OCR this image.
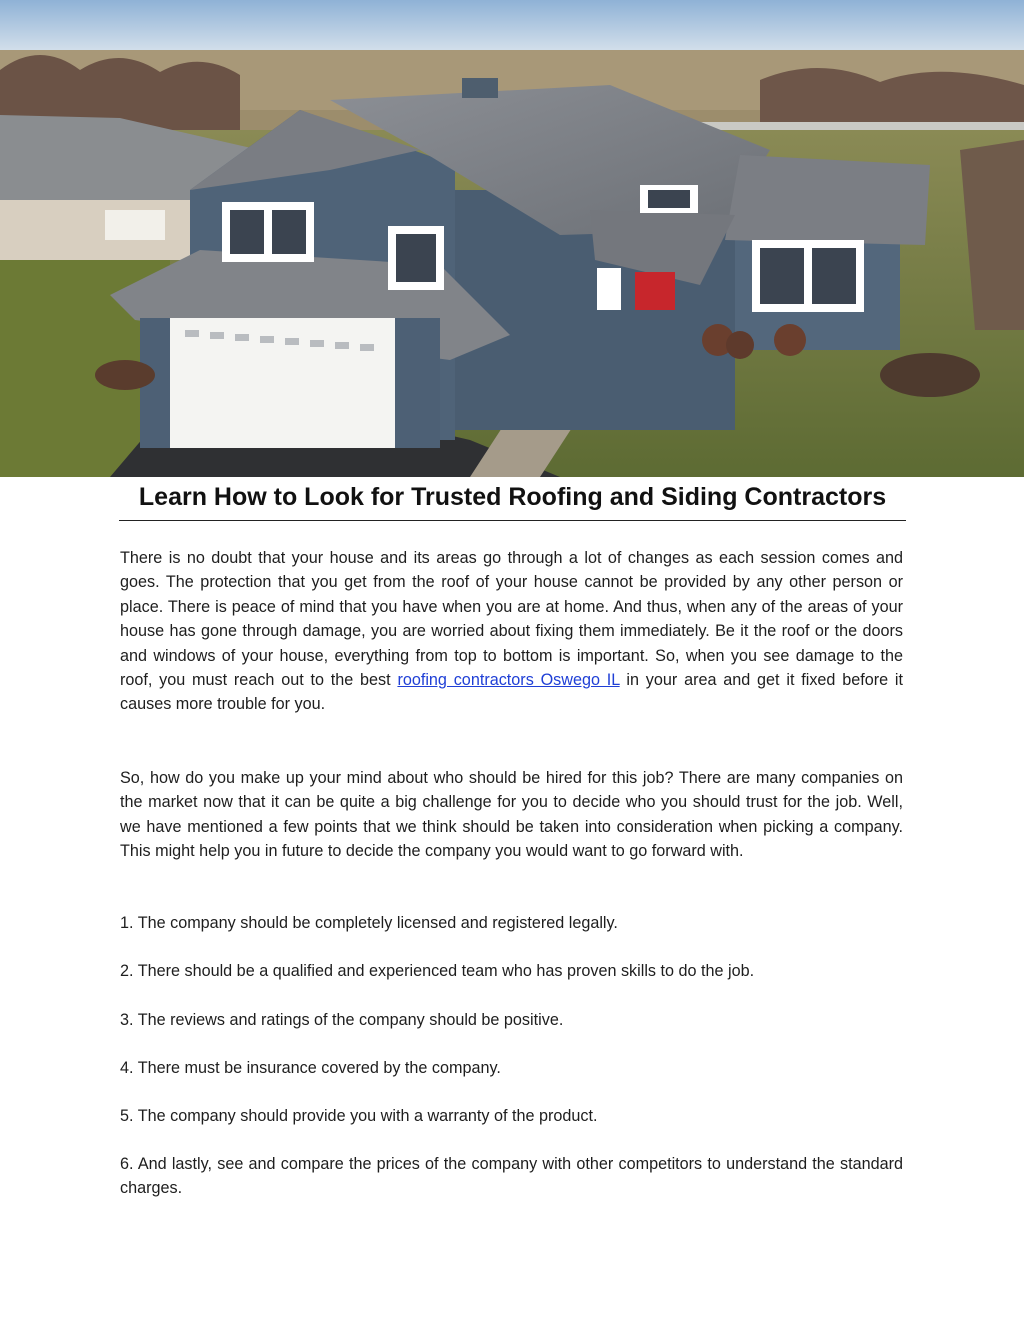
Learn How to Look for Trusted Roofing and Siding Contractors

There is no doubt that your house and its areas go through a lot of changes as each session comes and goes. The protection that you get from the roof of your house cannot be provided by any other person or place. There is peace of mind that you have when you are at home. And thus, when any of the areas of your house has gone through damage, you are worried about fixing them immediately. Be it the roof or the doors and windows of your house, everything from top to bottom is important. So, when you see damage to the roof, you must reach out to the best roofing contractors Oswego IL in your area and get it fixed before it causes more trouble for you.

So, how do you make up your mind about who should be hired for this job? There are many companies on the market now that it can be quite a big challenge for you to decide who you should trust for the job. Well, we have mentioned a few points that we think should be taken into consideration when picking a company. This might help you in future to decide the company you would want to go forward with.

1. The company should be completely licensed and registered legally.

2. There should be a qualified and experienced team who has proven skills to do the job.

3. The reviews and ratings of the company should be positive.

4. There must be insurance covered by the company.

5. The company should provide you with a warranty of the product.

6. And lastly, see and compare the prices of the company with other competitors to understand the standard charges.
